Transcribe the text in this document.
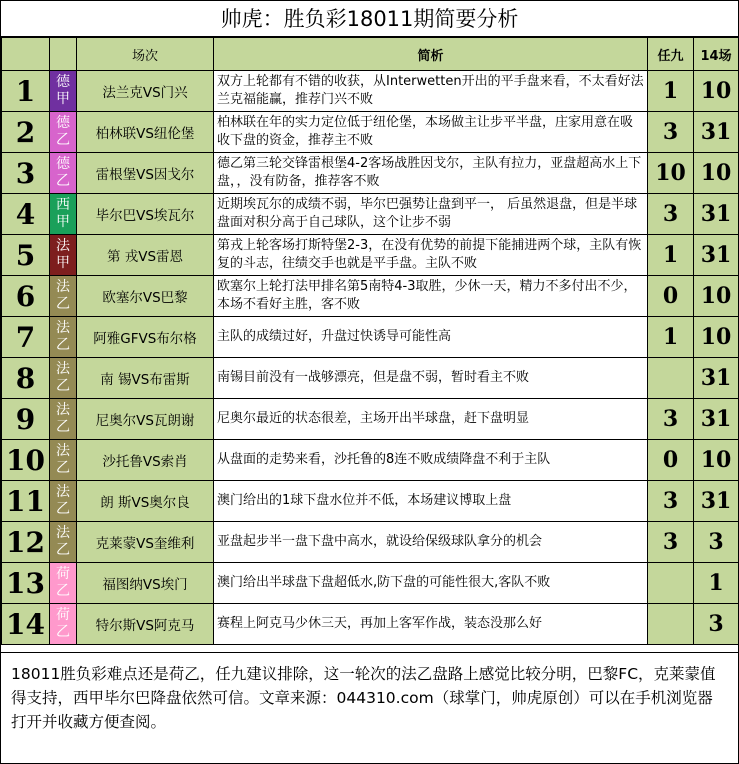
帅虎：胜负彩18011期简要分析
		场次	简析	任九	14场
1	德
甲	法兰克VS门兴	双方上轮都有不错的收获，从Interwetten开出的平手盘来看，不太看好法兰克福能赢，推荐门兴不败	1	10
2	德
乙	柏林联VS纽伦堡	柏林联在年的实力定位低于纽伦堡，本场做主让步平半盘，庄家用意在吸收下盘的资金，推荐主不败	3	31
3	德
乙	雷根堡VS因戈尔	德乙第三轮交锋雷根堡4-2客场战胜因戈尔，主队有拉力，亚盘超高水上下盘，，没有防备，推荐客不败	10	10
4	西
甲	毕尔巴VS埃瓦尔	近期埃瓦尔的成绩不弱，毕尔巴强势让盘到平一， 后虽然退盘，但是半球盘面对积分高于自己球队，这个让步不弱	3	31
5	法
甲	第 戎VS雷恩	第戎上轮客场打斯特堡2-3，在没有优势的前提下能捕进两个球，主队有恢复的斗志，往绩交手也就是平手盘。主队不败	1	31
6	法
乙	欧塞尔VS巴黎	欧塞尔上轮打法甲排名第5南特4-3取胜，少休一天，精力不多付出不少，本场不看好主胜，客不败	0	10
7	法
乙	阿雅GFVS布尔格	主队的成绩过好，升盘过快诱导可能性高	1	10
8	法
乙	南 锡VS布雷斯	南锡目前没有一战够漂亮，但是盘不弱，暂时看主不败		31
9	法
乙	尼奥尔VS瓦朗谢	尼奥尔最近的状态很差，主场开出半球盘，赶下盘明显	3	31
10	法
乙	沙托鲁VS索肖	从盘面的走势来看，沙托鲁的8连不败成绩降盘不利于主队	0	10
11	法
乙	朗 斯VS奥尔良	澳门给出的1球下盘水位并不低，本场建议博取上盘	3	31
12	法
乙	克莱蒙VS奎维利	亚盘起步半一盘下盘中高水，就设给保级球队拿分的机会	3	3
13	荷
乙	福图纳VS埃门	澳门给出半球盘下盘超低水,防下盘的可能性很大,客队不败		1
14	荷
乙	特尔斯VS阿克马	赛程上阿克马少休三天，再加上客军作战，装态没那么好		3
18011胜负彩难点还是荷乙，任九建议排除，这一轮次的法乙盘路上感觉比较分明，巴黎FC，克莱蒙值得支持，西甲毕尔巴降盘依然可信。文章来源：044310.com（球掌门，帅虎原创）可以在手机浏览器打开并收藏方便查阅。
